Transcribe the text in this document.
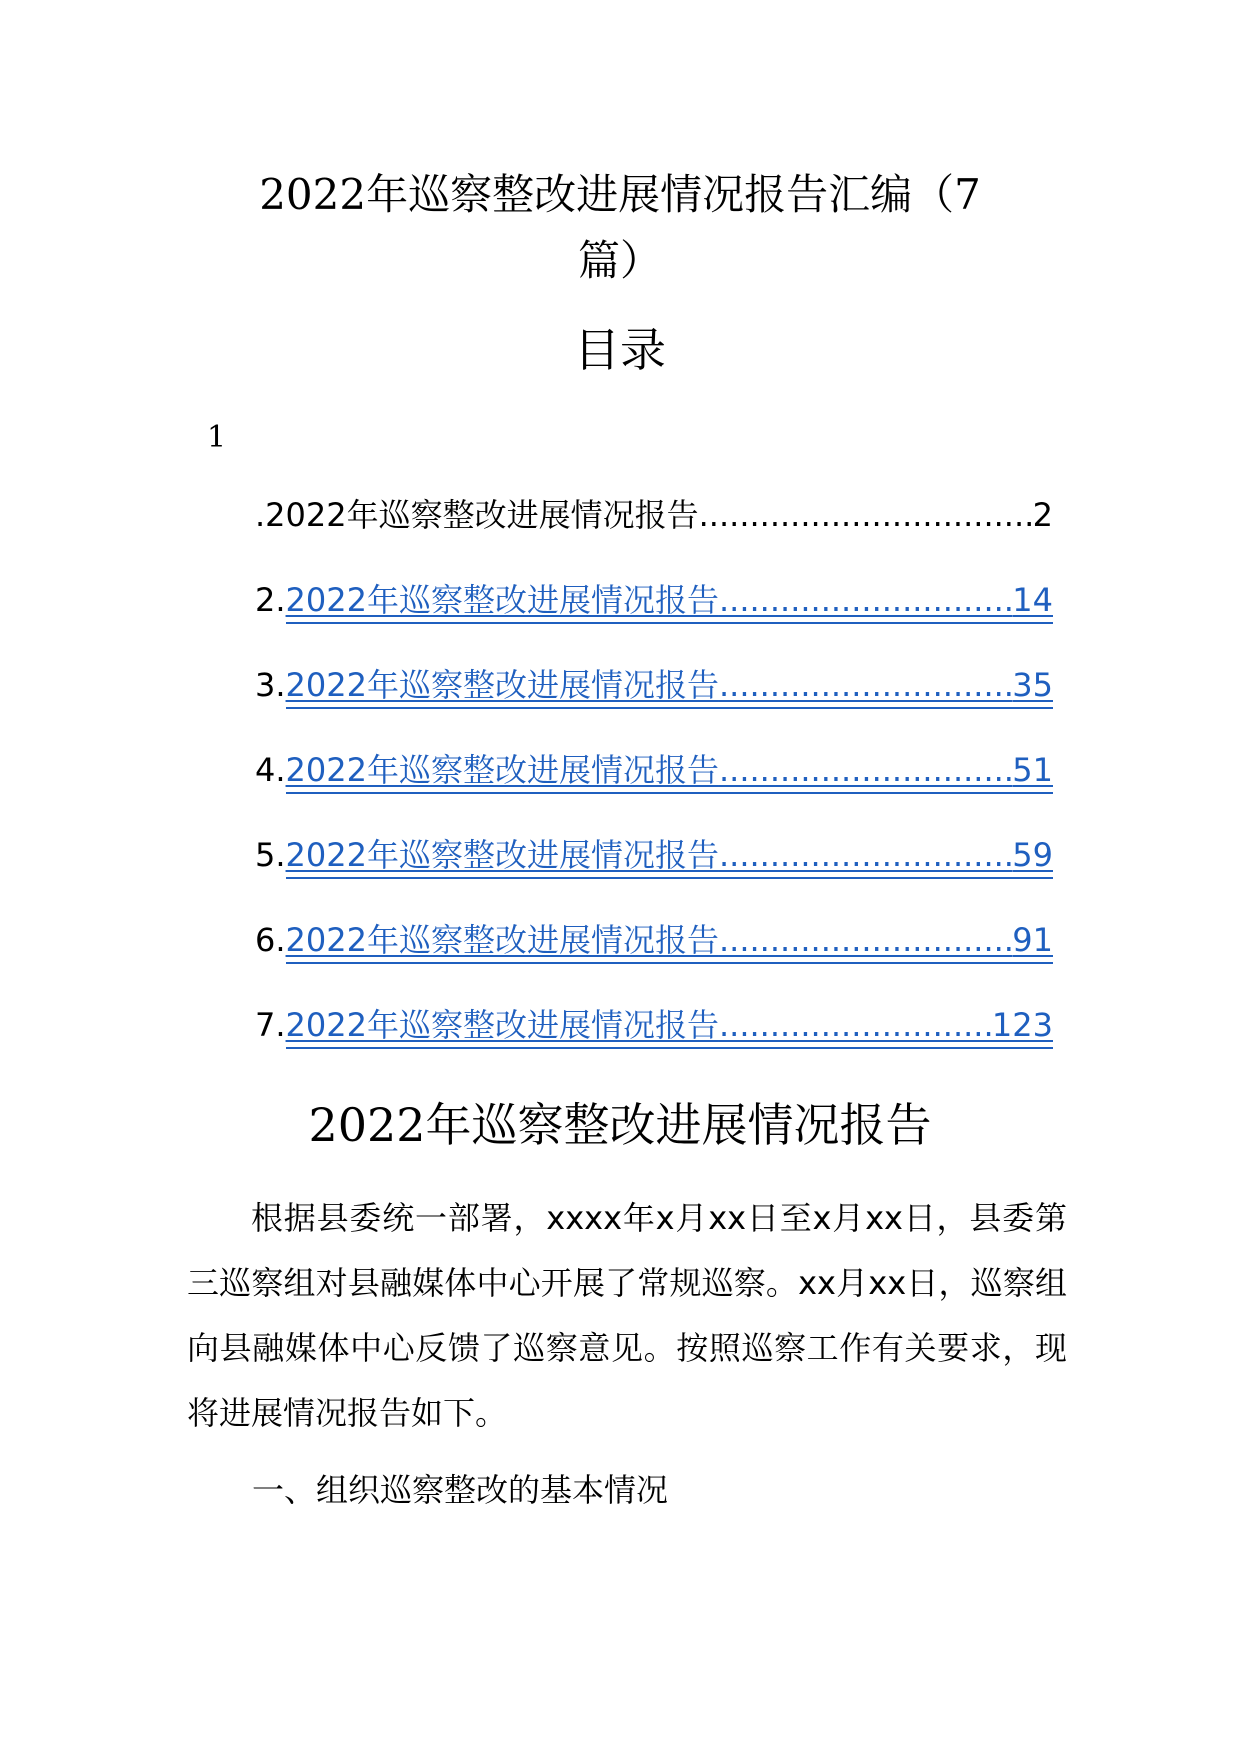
2022年巡察整改进展情况报告汇编（7
篇）
目录
1
.2022年巡察整改进展情况报告 .....	2
2. 2022年巡察整改进展情况报告 .....	14
3. 2022年巡察整改进展情况报告 .....	35
4. 2022年巡察整改进展情况报告 .....	51
5. 2022年巡察整改进展情况报告 .....	59
6. 2022年巡察整改进展情况报告 .....	91
7. 2022年巡察整改进展情况报告 .....	123
2022年巡察整改进展情况报告

根据县委统一部署，xxxx年x月xx日至x月xx日，县委第三巡察组对县融媒体中心开展了常规巡察。xx月xx日，巡察组向县融媒体中心反馈了巡察意见。按照巡察工作有关要求，现将进展情况报告如下。

一、组织巡察整改的基本情况
